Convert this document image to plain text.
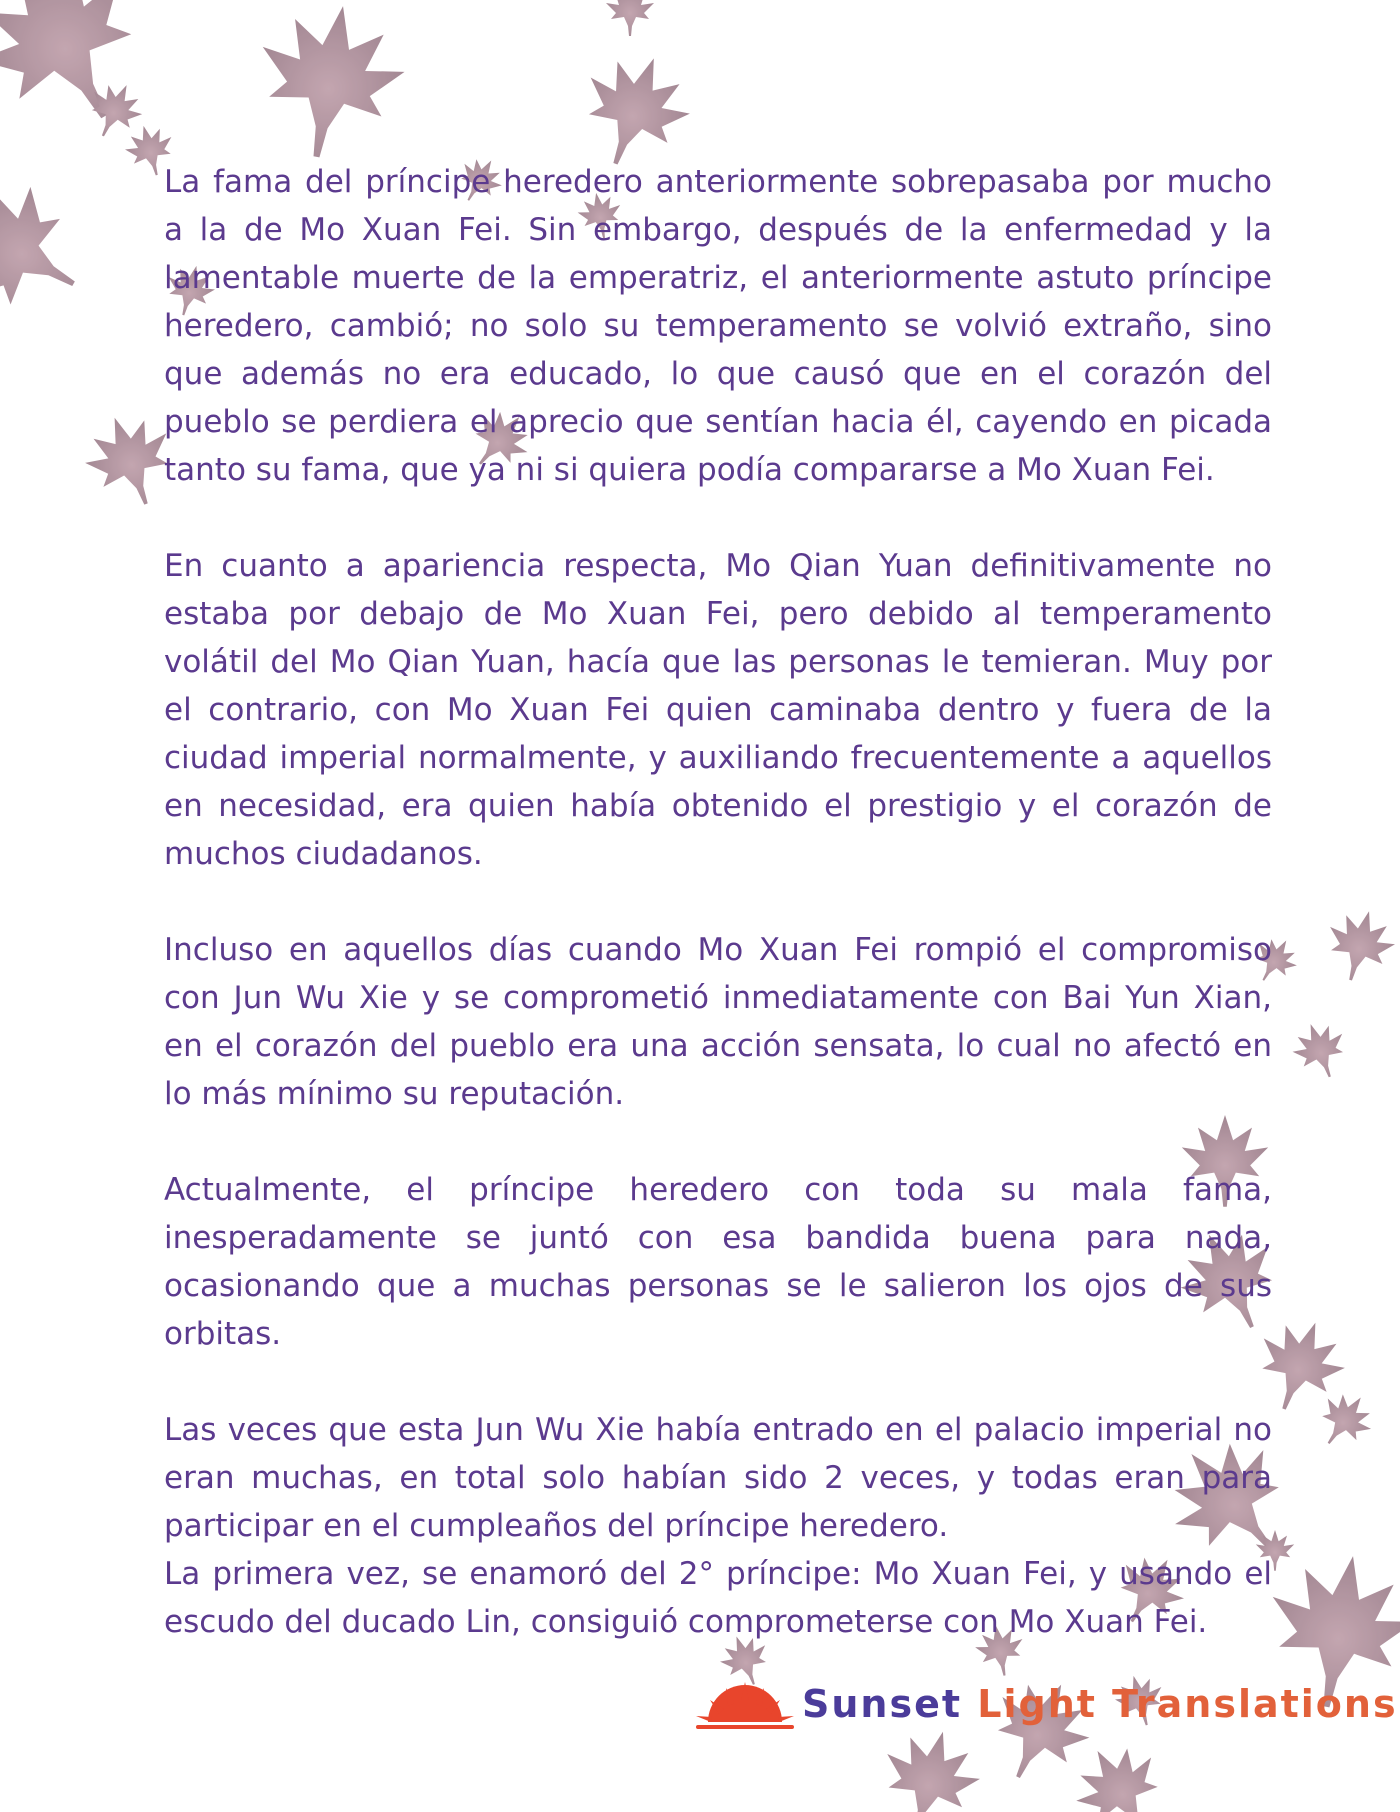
La fama del príncipe heredero anteriormente sobrepasaba por mucho a la de Mo Xuan Fei. Sin embargo, después de la enfermedad y la lamentable muerte de la emperatriz, el anteriormente astuto príncipe heredero, cambió; no solo su temperamento se volvió extraño, sino que además no era educado, lo que causó que en el corazón del pueblo se perdiera el aprecio que sentían hacia él, cayendo en picada tanto su fama, que ya ni si quiera podía compararse a Mo Xuan Fei.

En cuanto a apariencia respecta, Mo Qian Yuan definitivamente no estaba por debajo de Mo Xuan Fei, pero debido al temperamento volátil del Mo Qian Yuan, hacía que las personas le temieran. Muy por el contrario, con Mo Xuan Fei quien caminaba dentro y fuera de la ciudad imperial normalmente, y auxiliando frecuentemente a aquellos en necesidad, era quien había obtenido el prestigio y el corazón de muchos ciudadanos.

Incluso en aquellos días cuando Mo Xuan Fei rompió el compromiso con Jun Wu Xie y se comprometió inmediatamente con Bai Yun Xian, en el corazón del pueblo era una acción sensata, lo cual no afectó en lo más mínimo su reputación.

Actualmente, el príncipe heredero con toda su mala fama, inesperadamente se juntó con esa bandida buena para nada, ocasionando que a muchas personas se le salieron los ojos de sus orbitas.

Las veces que esta Jun Wu Xie había entrado en el palacio imperial no eran muchas, en total solo habían sido 2 veces, y todas eran para participar en el cumpleaños del príncipe heredero.

La primera vez, se enamoró del 2° príncipe: Mo Xuan Fei, y usando el escudo del ducado Lin, consiguió comprometerse con Mo Xuan Fei.

Sunset Light Translations
